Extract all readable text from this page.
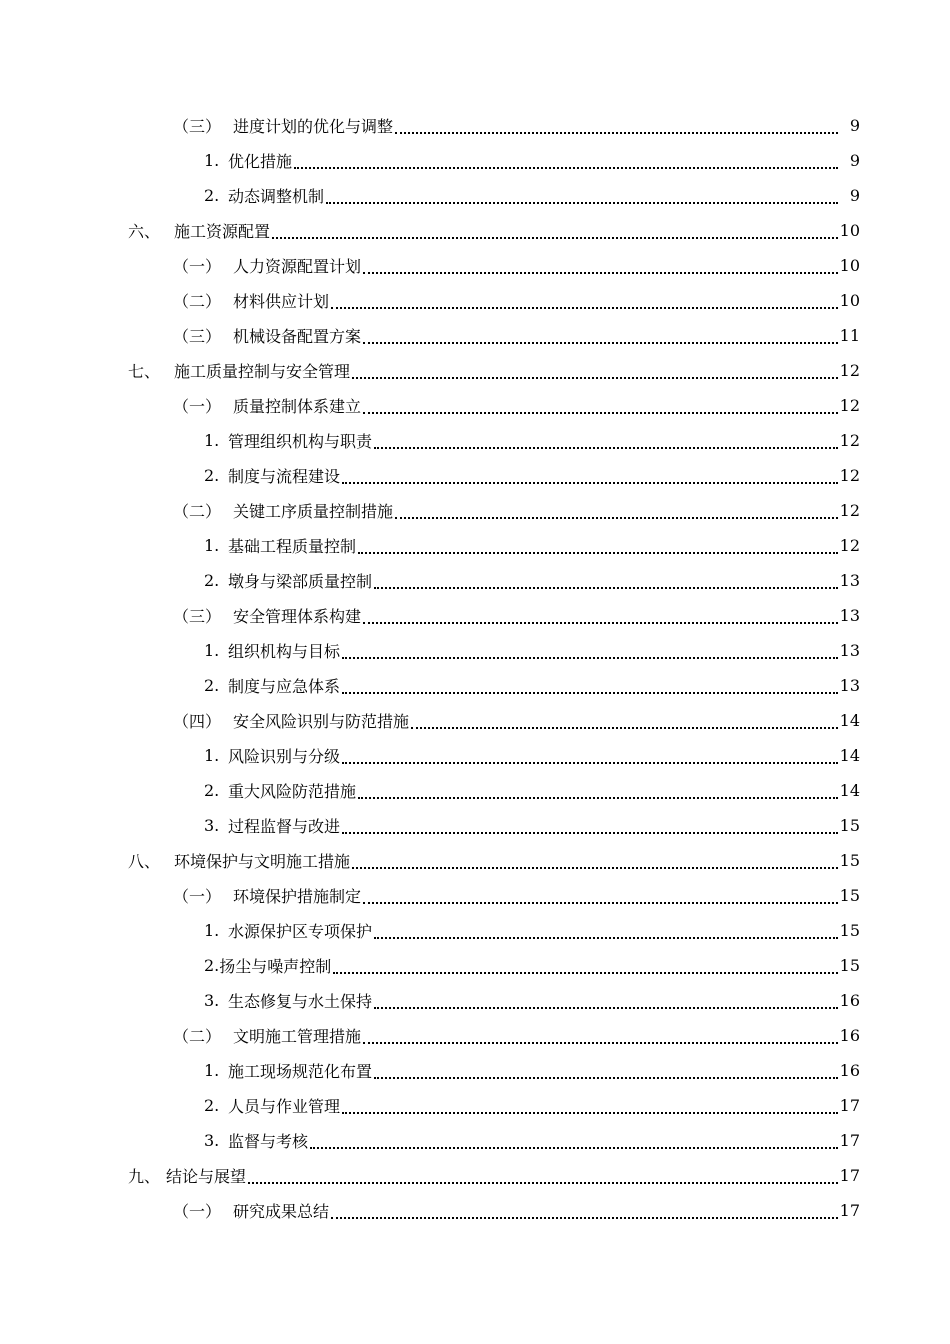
（三） 进度计划的优化与调整	9
1. 优化措施	9
2. 动态调整机制	9
六、 施工资源配置	10
（一） 人力资源配置计划	10
（二） 材料供应计划	10
（三） 机械设备配置方案	11
七、 施工质量控制与安全管理	12
（一） 质量控制体系建立	12
1. 管理组织机构与职责	12
2. 制度与流程建设	12
（二） 关键工序质量控制措施	12
1. 基础工程质量控制	12
2. 墩身与梁部质量控制	13
（三） 安全管理体系构建	13
1. 组织机构与目标	13
2. 制度与应急体系	13
（四） 安全风险识别与防范措施	14
1. 风险识别与分级	14
2. 重大风险防范措施	14
3. 过程监督与改进	15
八、 环境保护与文明施工措施	15
（一） 环境保护措施制定	15
1. 水源保护区专项保护	15
2. 扬尘与噪声控制	15
3. 生态修复与水土保持	16
（二） 文明施工管理措施	16
1. 施工现场规范化布置	16
2. 人员与作业管理	17
3. 监督与考核	17
九、 结论与展望	17
（一） 研究成果总结	17
